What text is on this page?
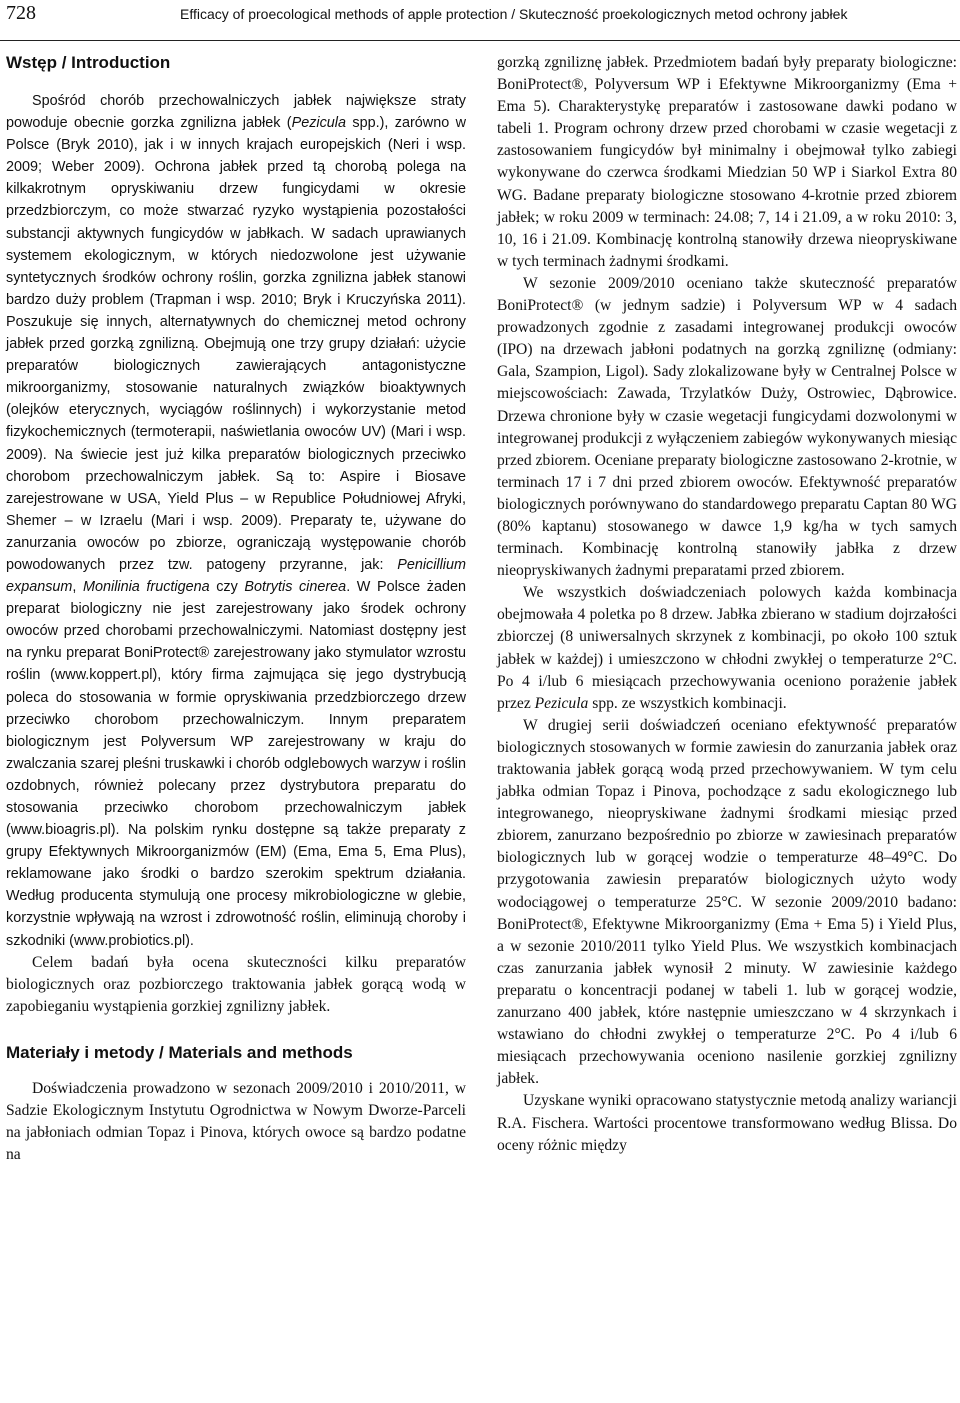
728	Efficacy of proecological methods of apple protection / Skuteczność proekologicznych metod ochrony jabłek
Wstęp / Introduction

Spośród chorób przechowalniczych jabłek największe straty powoduje obecnie gorzka zgnilizna jabłek (Pezicula spp.), zarówno w Polsce (Bryk 2010), jak i w innych krajach europejskich (Neri i wsp. 2009; Weber 2009). Ochrona jabłek przed tą chorobą polega na kilkakrotnym opryskiwaniu drzew fungicydami w okresie przedzbiorczym, co może stwarzać ryzyko wystąpienia pozostałości substancji aktywnych fungicydów w jabłkach. W sadach uprawianych systemem ekologicznym, w których niedozwolone jest używanie syntetycznych środków ochrony roślin, gorzka zgnilizna jabłek stanowi bardzo duży problem (Trapman i wsp. 2010; Bryk i Kruczyńska 2011). Poszukuje się innych, alternatywnych do chemicznej metod ochrony jabłek przed gorzką zgnilizną. Obejmują one trzy grupy działań: użycie preparatów biologicznych zawierających antagonistyczne mikroorganizmy, stosowanie naturalnych związków bioaktywnych (olejków eterycznych, wyciągów roślinnych) i wykorzystanie metod fizykochemicznych (termoterapii, naświetlania owoców UV) (Mari i wsp. 2009). Na świecie jest już kilka preparatów biologicznych przeciwko chorobom przechowalniczym jabłek. Są to: Aspire i Biosave zarejestrowane w USA, Yield Plus – w Republice Południowej Afryki, Shemer – w Izraelu (Mari i wsp. 2009). Preparaty te, używane do zanurzania owoców po zbiorze, ograniczają występowanie chorób powodowanych przez tzw. patogeny przyranne, jak: Penicillium expansum, Monilinia fructigena czy Botrytis cinerea. W Polsce żaden preparat biologiczny nie jest zarejestrowany jako środek ochrony owoców przed chorobami przechowalniczymi. Natomiast dostępny jest na rynku preparat BoniProtect® zarejestrowany jako stymulator wzrostu roślin (www.koppert.pl), który firma zajmująca się jego dystrybucją poleca do stosowania w formie opryskiwania przedzbiorczego drzew przeciwko chorobom przechowalniczym. Innym preparatem biologicznym jest Polyversum WP zarejestrowany w kraju do zwalczania szarej pleśni truskawki i chorób odglebowych warzyw i roślin ozdobnych, również polecany przez dystrybutora preparatu do stosowania przeciwko chorobom przechowalniczym jabłek (www.bioagris.pl). Na polskim rynku dostępne są także preparaty z grupy Efektywnych Mikroorganizmów (EM) (Ema, Ema 5, Ema Plus), reklamowane jako środki o bardzo szerokim spektrum działania. Według producenta stymulują one procesy mikrobiologiczne w glebie, korzystnie wpływają na wzrost i zdrowotność roślin, eliminują choroby i szkodniki (www.probiotics.pl).

Celem badań była ocena skuteczności kilku preparatów biologicznych oraz pozbiorczego traktowania jabłek gorącą wodą w zapobieganiu wystąpienia gorzkiej zgnilizny jabłek.

Materiały i metody / Materials and methods

Doświadczenia prowadzono w sezonach 2009/2010 i 2010/2011, w Sadzie Ekologicznym Instytutu Ogrodnictwa w Nowym Dworze-Parceli na jabłoniach odmian Topaz i Pinova, których owoce są bardzo podatne na

gorzką zgniliznę jabłek. Przedmiotem badań były preparaty biologiczne: BoniProtect®, Polyversum WP i Efektywne Mikroorganizmy (Ema + Ema 5). Charakterystykę preparatów i zastosowane dawki podano w tabeli 1. Program ochrony drzew przed chorobami w czasie wegetacji z zastosowaniem fungicydów był minimalny i obejmował tylko zabiegi wykonywane do czerwca środkami Miedzian 50 WP i Siarkol Extra 80 WG. Badane preparaty biologiczne stosowano 4-krotnie przed zbiorem jabłek; w roku 2009 w terminach: 24.08; 7, 14 i 21.09, a w roku 2010: 3, 10, 16 i 21.09. Kombinację kontrolną stanowiły drzewa nieopryskiwane w tych terminach żadnymi środkami.

W sezonie 2009/2010 oceniano także skuteczność preparatów BoniProtect® (w jednym sadzie) i Polyversum WP w 4 sadach prowadzonych zgodnie z zasadami integrowanej produkcji owoców (IPO) na drzewach jabłoni podatnych na gorzką zgniliznę (odmiany: Gala, Szampion, Ligol). Sady zlokalizowane były w Centralnej Polsce w miejscowościach: Zawada, Trzylatków Duży, Ostrowiec, Dąbrowice. Drzewa chronione były w czasie wegetacji fungicydami dozwolonymi w integrowanej produkcji z wyłączeniem zabiegów wykonywanych miesiąc przed zbiorem. Oceniane preparaty biologiczne zastosowano 2-krotnie, w terminach 17 i 7 dni przed zbiorem owoców. Efektywność preparatów biologicznych porównywano do standardowego preparatu Captan 80 WG (80% kaptanu) stosowanego w dawce 1,9 kg/ha w tych samych terminach. Kombinację kontrolną stanowiły jabłka z drzew nieopryskiwanych żadnymi preparatami przed zbiorem.

We wszystkich doświadczeniach polowych każda kombinacja obejmowała 4 poletka po 8 drzew. Jabłka zbierano w stadium dojrzałości zbiorczej (8 uniwersalnych skrzynek z kombinacji, po około 100 sztuk jabłek w każdej) i umieszczono w chłodni zwykłej o temperaturze 2°C. Po 4 i/lub 6 miesiącach przechowywania oceniono porażenie jabłek przez Pezicula spp. ze wszystkich kombinacji.

W drugiej serii doświadczeń oceniano efektywność preparatów biologicznych stosowanych w formie zawiesin do zanurzania jabłek oraz traktowania jabłek gorącą wodą przed przechowywaniem. W tym celu jabłka odmian Topaz i Pinova, pochodzące z sadu ekologicznego lub integrowanego, nieopryskiwane żadnymi środkami miesiąc przed zbiorem, zanurzano bezpośrednio po zbiorze w zawiesinach preparatów biologicznych lub w gorącej wodzie o temperaturze 48–49°C. Do przygotowania zawiesin preparatów biologicznych użyto wody wodociągowej o temperaturze 25°C. W sezonie 2009/2010 badano: BoniProtect®, Efektywne Mikroorganizmy (Ema + Ema 5) i Yield Plus, a w sezonie 2010/2011 tylko Yield Plus. We wszystkich kombinacjach czas zanurzania jabłek wynosił 2 minuty. W zawiesinie każdego preparatu o koncentracji podanej w tabeli 1. lub w gorącej wodzie, zanurzano 400 jabłek, które następnie umieszczano w 4 skrzynkach i wstawiano do chłodni zwykłej o temperaturze 2°C. Po 4 i/lub 6 miesiącach przechowywania oceniono nasilenie gorzkiej zgnilizny jabłek.

Uzyskane wyniki opracowano statystycznie metodą analizy wariancji R.A. Fischera. Wartości procentowe transformowano według Blissa. Do oceny różnic między
